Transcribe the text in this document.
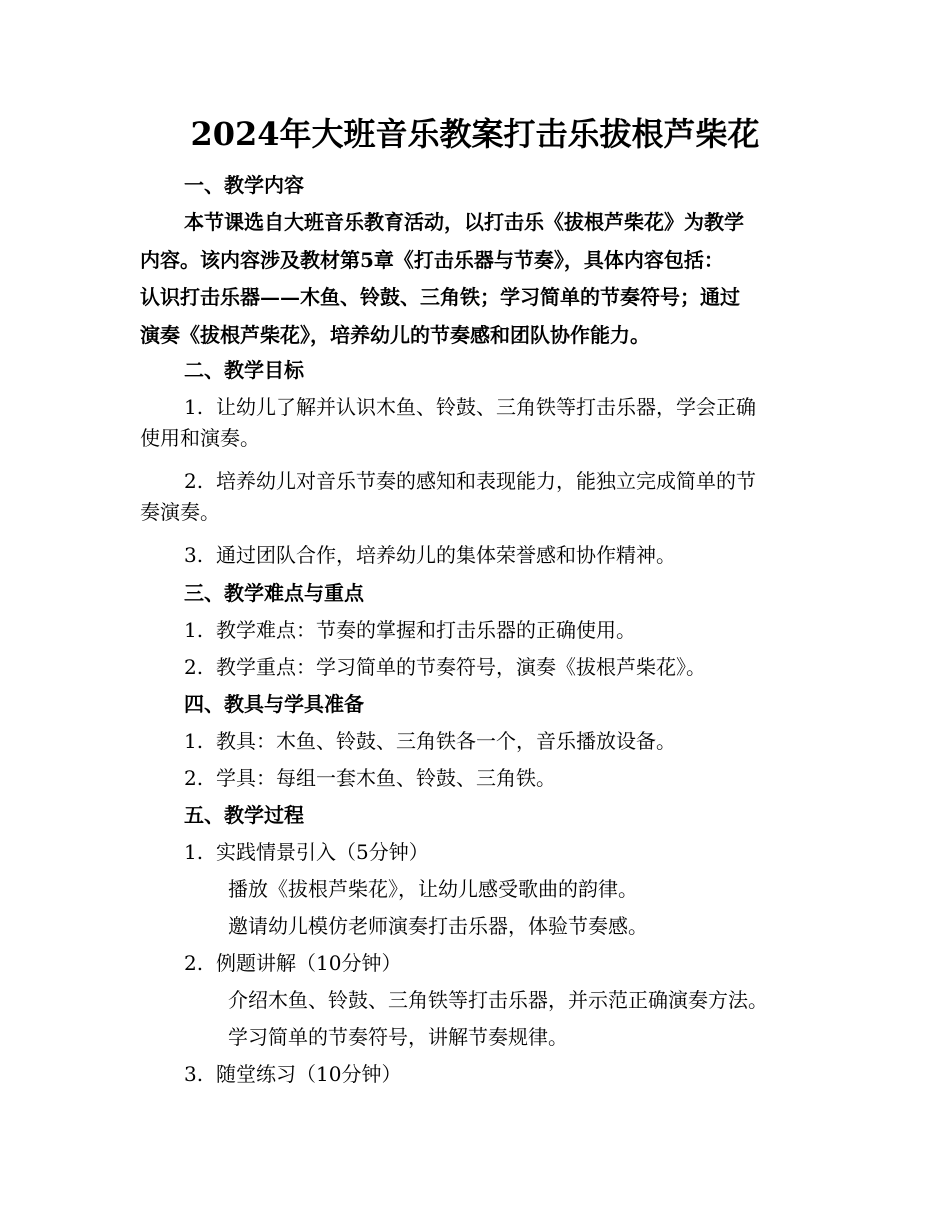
2024年大班音乐教案打击乐拔根芦柴花
一、教学内容
本节课选自大班音乐教育活动，以打击乐《拔根芦柴花》为教学
内容。该内容涉及教材第5章《打击乐器与节奏》，具体内容包括：
认识打击乐器——木鱼、铃鼓、三角铁；学习简单的节奏符号；通过
演奏《拔根芦柴花》，培养幼儿的节奏感和团队协作能力。
二、教学目标
1. 让幼儿了解并认识木鱼、铃鼓、三角铁等打击乐器，学会正确
使用和演奏。
2. 培养幼儿对音乐节奏的感知和表现能力，能独立完成简单的节
奏演奏。
3. 通过团队合作，培养幼儿的集体荣誉感和协作精神。
三、教学难点与重点
1. 教学难点：节奏的掌握和打击乐器的正确使用。
2. 教学重点：学习简单的节奏符号，演奏《拔根芦柴花》。
四、教具与学具准备
1. 教具：木鱼、铃鼓、三角铁各一个，音乐播放设备。
2. 学具：每组一套木鱼、铃鼓、三角铁。
五、教学过程
1. 实践情景引入（5分钟）
播放《拔根芦柴花》，让幼儿感受歌曲的韵律。
邀请幼儿模仿老师演奏打击乐器，体验节奏感。
2. 例题讲解（10分钟）
介绍木鱼、铃鼓、三角铁等打击乐器，并示范正确演奏方法。
学习简单的节奏符号，讲解节奏规律。
3. 随堂练习（10分钟）
